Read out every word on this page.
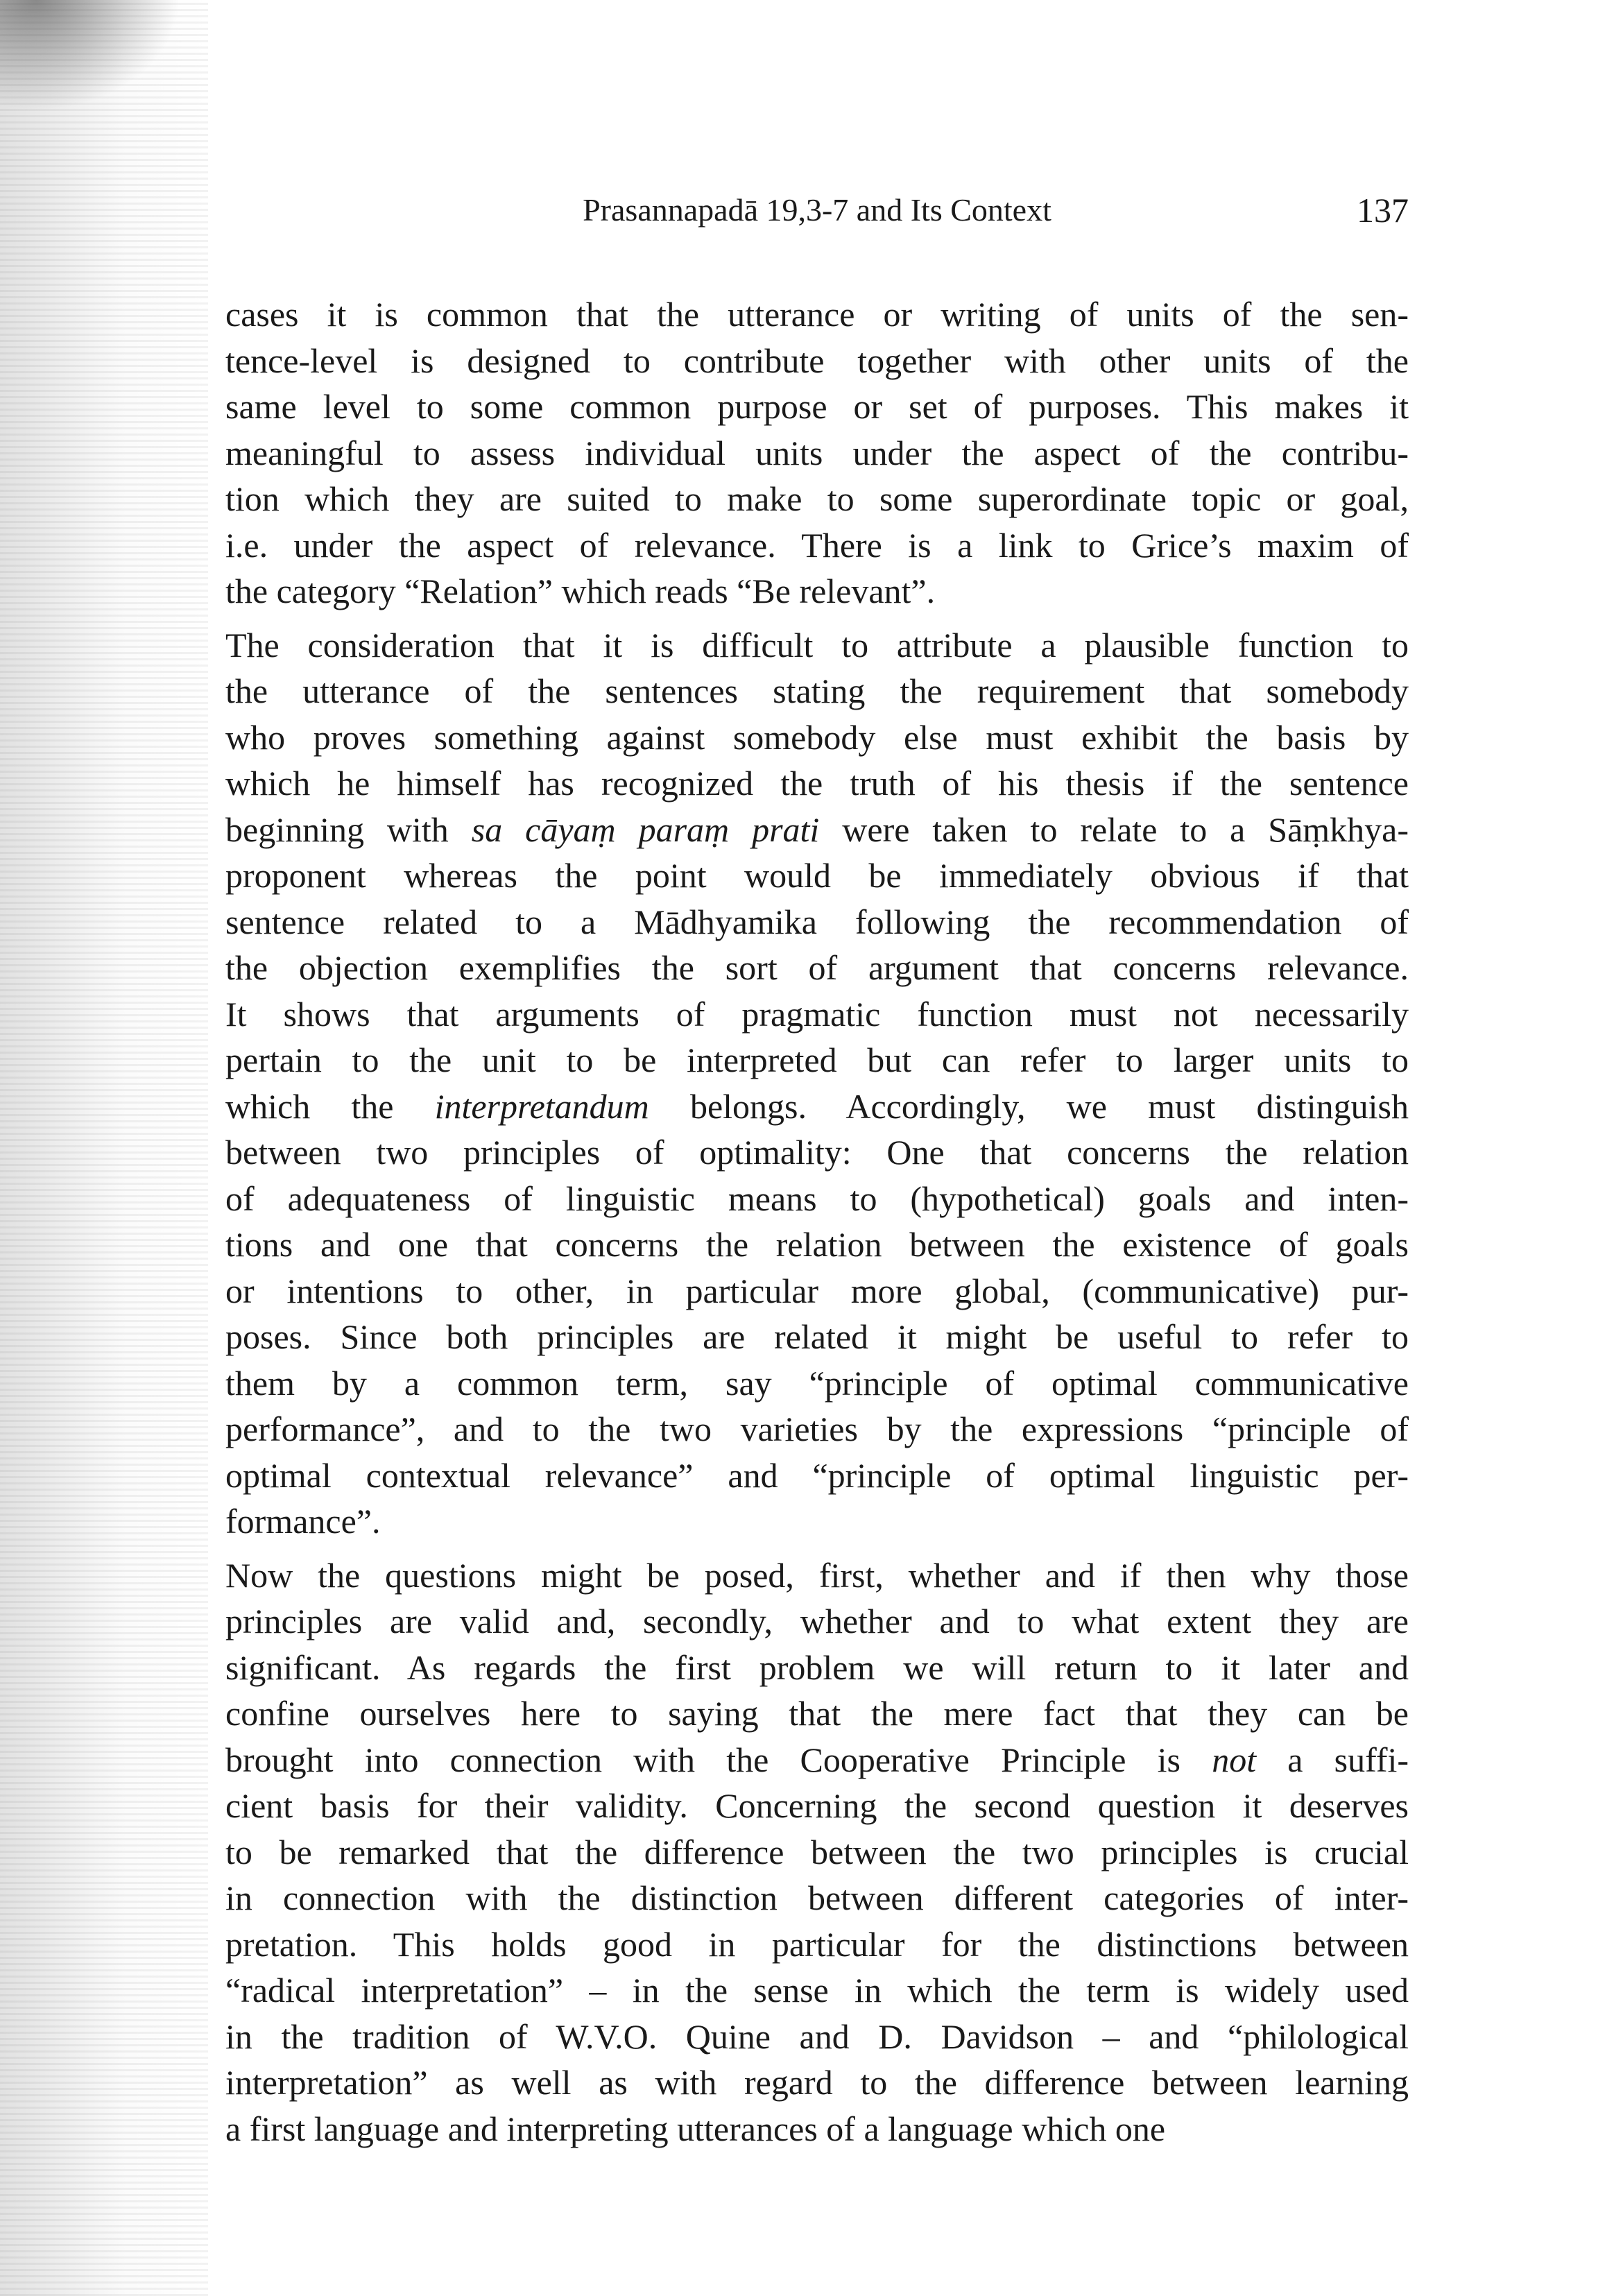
Prasannapadā 19,3-7 and Its Context	137
cases it is common that the utterance or writing of units of the sen-
tence-level is designed to contribute together with other units of the
same level to some common purpose or set of purposes. This makes it
meaningful to assess individual units under the aspect of the contribu-
tion which they are suited to make to some superordinate topic or goal,
i.e. under the aspect of relevance. There is a link to Grice’s maxim of
the category “Relation” which reads “Be relevant”.
The consideration that it is difficult to attribute a plausible function to
the utterance of the sentences stating the requirement that somebody
who proves something against somebody else must exhibit the basis by
which he himself has recognized the truth of his thesis if the sentence
beginning with sa cāyaṃ paraṃ prati were taken to relate to a Sāṃkhya-
proponent whereas the point would be immediately obvious if that
sentence related to a Mādhyamika following the recommendation of
the objection exemplifies the sort of argument that concerns relevance.
It shows that arguments of pragmatic function must not necessarily
pertain to the unit to be interpreted but can refer to larger units to
which the interpretandum belongs. Accordingly, we must distinguish
between two principles of optimality: One that concerns the relation
of adequateness of linguistic means to (hypothetical) goals and inten-
tions and one that concerns the relation between the existence of goals
or intentions to other, in particular more global, (communicative) pur-
poses. Since both principles are related it might be useful to refer to
them by a common term, say “principle of optimal communicative
performance”, and to the two varieties by the expressions “principle of
optimal contextual relevance” and “principle of optimal linguistic per-
formance”.
Now the questions might be posed, first, whether and if then why those
principles are valid and, secondly, whether and to what extent they are
significant. As regards the first problem we will return to it later and
confine ourselves here to saying that the mere fact that they can be
brought into connection with the Cooperative Principle is not a suffi-
cient basis for their validity. Concerning the second question it deserves
to be remarked that the difference between the two principles is crucial
in connection with the distinction between different categories of inter-
pretation. This holds good in particular for the distinctions between
“radical interpretation” – in the sense in which the term is widely used
in the tradition of W.V.O. Quine and D. Davidson – and “philological
interpretation” as well as with regard to the difference between learning
a first language and interpreting utterances of a language which one
